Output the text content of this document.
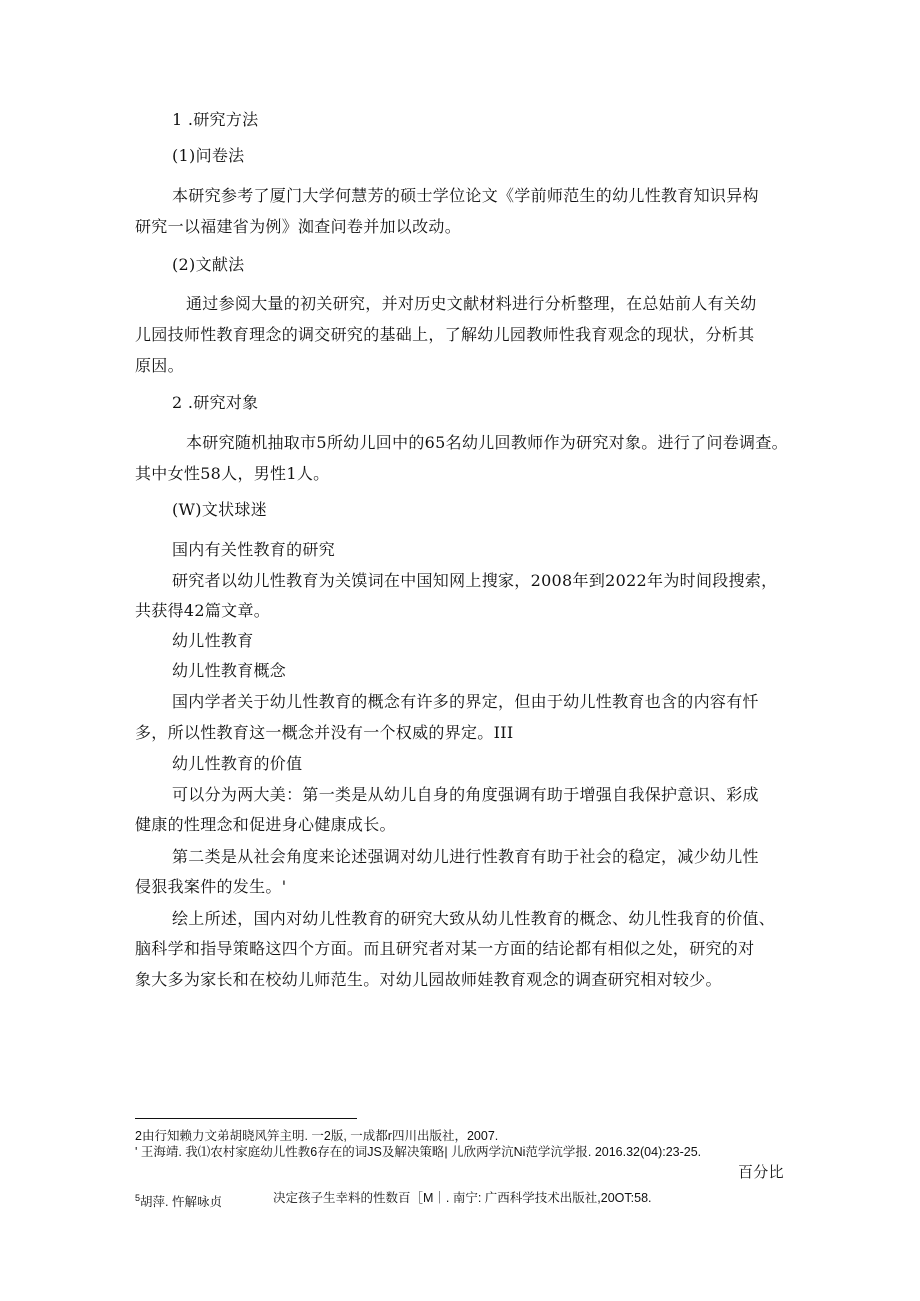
1 .研究方法
(1)问卷法
本研究参考了厦门大学何慧芳的硕士学位论文《学前师范生的幼儿性教育知识异构
研究一以福建省为例》洳查问卷并加以改动。
(2)文献法
通过参阅大量的初关研究，并对历史文献材料进行分析整理，在总姑前人有关幼
儿园技师性教育理念的调交研究的基础上，了解幼儿园教师性我育观念的现状，分析其
原因。
2 .研究对象
本研究随机抽取市5所幼儿回中的65名幼儿回教师作为研究对象。进行了问卷调查。
其中女性58人，男性1人。
(W)文状球迷
国内有关性教育的研究
研究者以幼儿性教育为关馍词在中国知网上搜家，2008年到2022年为时间段搜索，
共获得42篇文章。
幼儿性教育
幼儿性教育概念
国内学者关于幼儿性教育的概念有许多的界定，但由于幼儿性教育也含的内容有忏
多，所以性教育这一概念并没有一个权威的界定。III
幼儿性教育的价值
可以分为两大美：第一类是从幼儿自身的角度强调有助于增强自我保护意识、彩成
健康的性理念和促进身心健康成长。
第二类是从社会角度来论述强调对幼儿进行性教育有助于社会的稳定，减少幼儿性
侵狠我案件的发生。'
绘上所述，国内对幼儿性教育的研究大致从幼儿性教育的概念、幼儿性我育的价值、
脑科学和指导策略这四个方面。而且研究者对某一方面的结论都有相似之处，研究的对
象大多为家长和在校幼儿师范生。对幼儿园故师娃教育观念的调查研究相对较少。
2由行知赖力文弟胡晓风笄主明. 一2版, 一成都r四川出版社，2007.
' 王海靖. 我⑴农村家庭幼儿性教6存在的词JS及解决策略| 儿欣两学沆Ni范学沆学报. 2016.32(04):23-25.
百分比
$^5$胡萍. 忤解咏贞	决定孩子生幸料的性数百［M｜. 南宁: 广西科学技术出版社,20OT:58.
